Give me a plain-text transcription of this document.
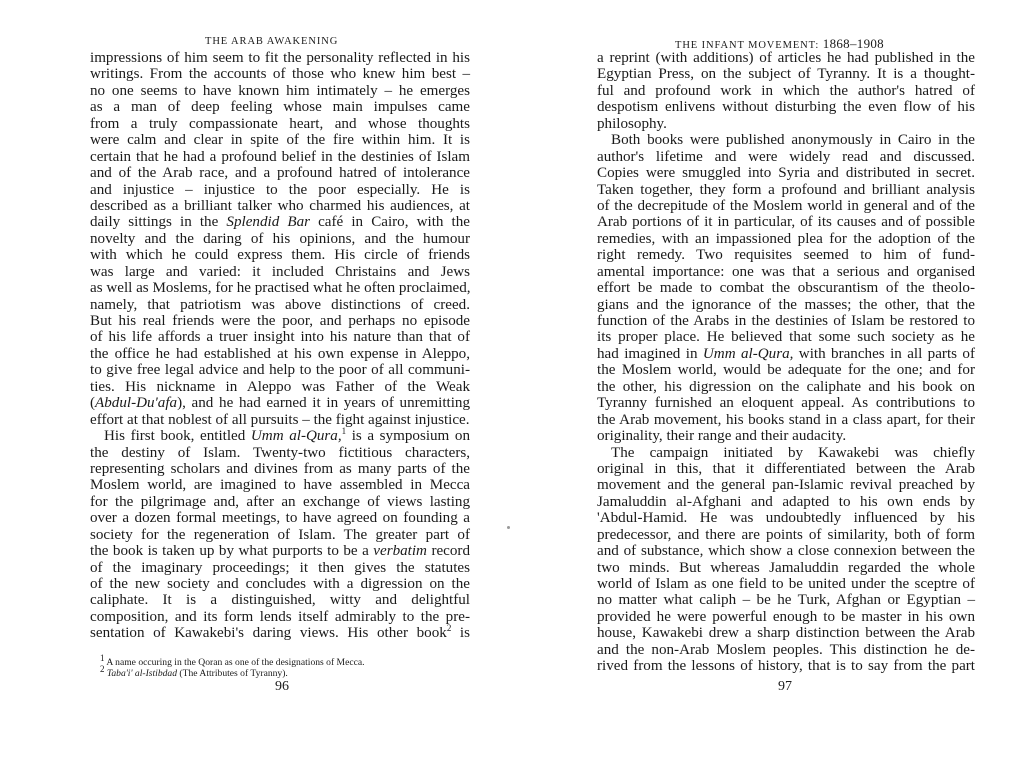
THE ARAB AWAKENING
impressions of him seem to fit the personality reflected in his
writings. From the accounts of those who knew him best –
no one seems to have known him intimately – he emerges
as a man of deep feeling whose main impulses came
from a truly compassionate heart, and whose thoughts
were calm and clear in spite of the fire within him. It is
certain that he had a profound belief in the destinies of Islam
and of the Arab race, and a profound hatred of intolerance
and injustice – injustice to the poor especially. He is
described as a brilliant talker who charmed his audiences, at
daily sittings in the Splendid Bar café in Cairo, with the
novelty and the daring of his opinions, and the humour
with which he could express them. His circle of friends
was large and varied: it included Christains and Jews
as well as Moslems, for he practised what he often proclaimed,
namely, that patriotism was above distinctions of creed.
But his real friends were the poor, and perhaps no episode
of his life affords a truer insight into his nature than that of
the office he had established at his own expense in Aleppo,
to give free legal advice and help to the poor of all communi-
ties. His nickname in Aleppo was Father of the Weak
(Abdul-Du'afa), and he had earned it in years of unremitting
effort at that noblest of all pursuits – the fight against injustice.
His first book, entitled Umm al-Qura,$^1$ is a symposium on
the destiny of Islam. Twenty-two fictitious characters,
representing scholars and divines from as many parts of the
Moslem world, are imagined to have assembled in Mecca
for the pilgrimage and, after an exchange of views lasting
over a dozen formal meetings, to have agreed on founding a
society for the regeneration of Islam. The greater part of
the book is taken up by what purports to be a verbatim record
of the imaginary proceedings; it then gives the statutes
of the new society and concludes with a digression on the
caliphate. It is a distinguished, witty and delightful
composition, and its form lends itself admirably to the pre-
sentation of Kawakebi's daring views. His other book$^2$ is
$^1$ A name occuring in the Qoran as one of the designations of Mecca.
$^2$ Taba'i' al-Istibdad (The Attributes of Tyranny).
96
THE INFANT MOVEMENT: 1868–1908
a reprint (with additions) of articles he had published in the
Egyptian Press, on the subject of Tyranny. It is a thought-
ful and profound work in which the author's hatred of
despotism enlivens without disturbing the even flow of his
philosophy.
Both books were published anonymously in Cairo in the
author's lifetime and were widely read and discussed.
Copies were smuggled into Syria and distributed in secret.
Taken together, they form a profound and brilliant analysis
of the decrepitude of the Moslem world in general and of the
Arab portions of it in particular, of its causes and of possible
remedies, with an impassioned plea for the adoption of the
right remedy. Two requisites seemed to him of fund-
amental importance: one was that a serious and organised
effort be made to combat the obscurantism of the theolo-
gians and the ignorance of the masses; the other, that the
function of the Arabs in the destinies of Islam be restored to
its proper place. He believed that some such society as he
had imagined in Umm al-Qura, with branches in all parts of
the Moslem world, would be adequate for the one; and for
the other, his digression on the caliphate and his book on
Tyranny furnished an eloquent appeal. As contributions to
the Arab movement, his books stand in a class apart, for their
originality, their range and their audacity.
The campaign initiated by Kawakebi was chiefly
original in this, that it differentiated between the Arab
movement and the general pan-Islamic revival preached by
Jamaluddin al-Afghani and adapted to his own ends by
'Abdul-Hamid. He was undoubtedly influenced by his
predecessor, and there are points of similarity, both of form
and of substance, which show a close connexion between the
two minds. But whereas Jamaluddin regarded the whole
world of Islam as one field to be united under the sceptre of
no matter what caliph – be he Turk, Afghan or Egyptian –
provided he were powerful enough to be master in his own
house, Kawakebi drew a sharp distinction between the Arab
and the non-Arab Moslem peoples. This distinction he de-
rived from the lessons of history, that is to say from the part
97
